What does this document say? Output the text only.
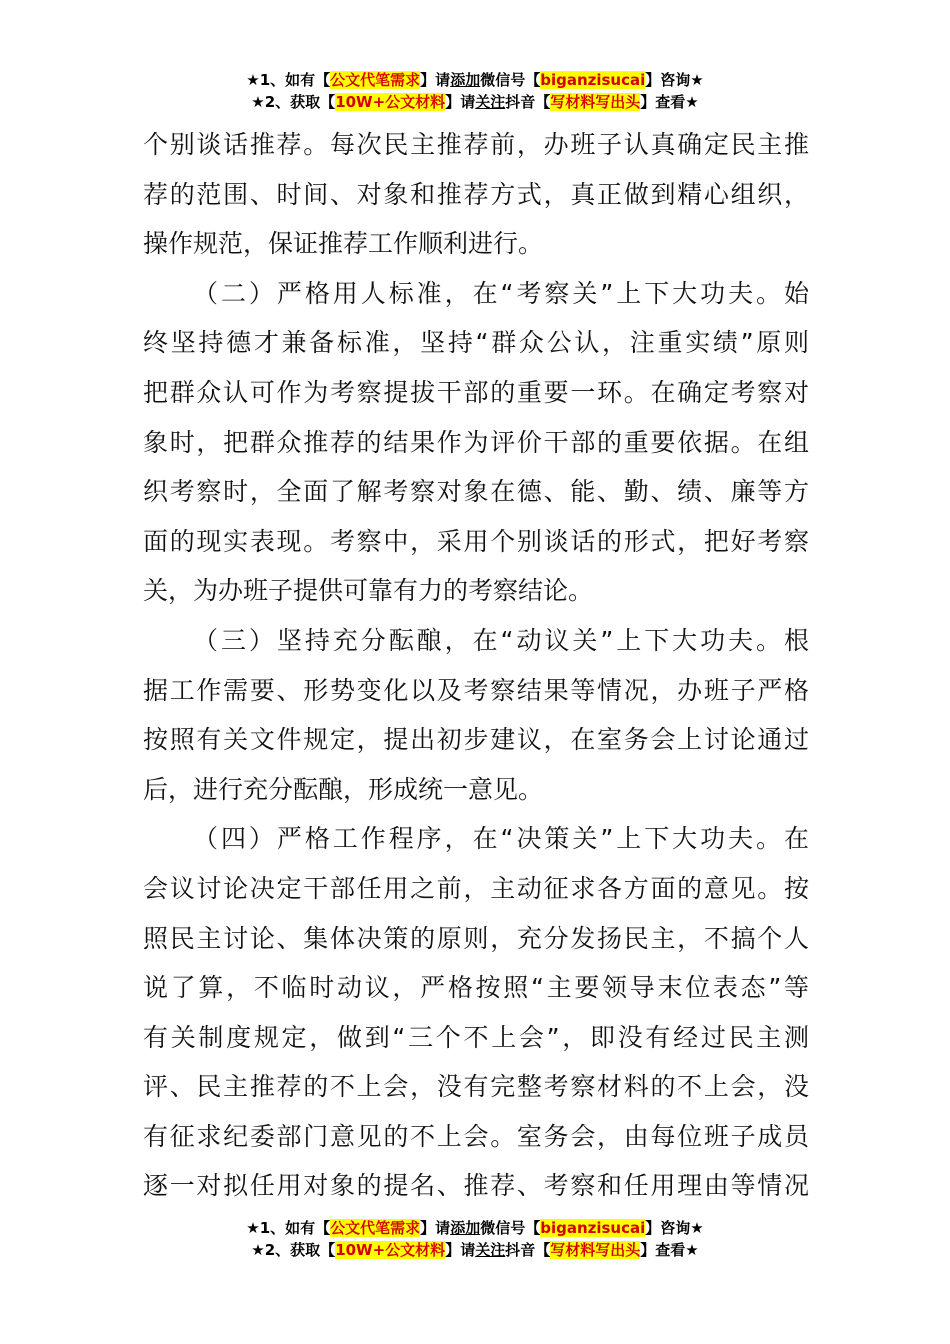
★1、如有【公文代笔需求】请添加微信号【biganzisucai】咨询★
★2、获取【10W+公文材料】请关注抖音【写材料写出头】查看★
个别谈话推荐。每次民主推荐前，办班子认真确定民主推
荐的范围、时间、对象和推荐方式，真正做到精心组织，
操作规范，保证推荐工作顺利进行。
（二）严格用人标准，在“考察关”上下大功夫。始
终坚持德才兼备标准，坚持“群众公认，注重实绩”原则
把群众认可作为考察提拔干部的重要一环。在确定考察对
象时，把群众推荐的结果作为评价干部的重要依据。在组
织考察时，全面了解考察对象在德、能、勤、绩、廉等方
面的现实表现。考察中，采用个别谈话的形式，把好考察
关，为办班子提供可靠有力的考察结论。
（三）坚持充分酝酿，在“动议关”上下大功夫。根
据工作需要、形势变化以及考察结果等情况，办班子严格
按照有关文件规定，提出初步建议，在室务会上讨论通过
后，进行充分酝酿，形成统一意见。
（四）严格工作程序，在“决策关”上下大功夫。在
会议讨论决定干部任用之前，主动征求各方面的意见。按
照民主讨论、集体决策的原则，充分发扬民主，不搞个人
说了算，不临时动议，严格按照“主要领导末位表态”等
有关制度规定，做到“三个不上会”，即没有经过民主测
评、民主推荐的不上会，没有完整考察材料的不上会，没
有征求纪委部门意见的不上会。室务会，由每位班子成员
逐一对拟任用对象的提名、推荐、考察和任用理由等情况
★1、如有【公文代笔需求】请添加微信号【biganzisucai】咨询★
★2、获取【10W+公文材料】请关注抖音【写材料写出头】查看★
